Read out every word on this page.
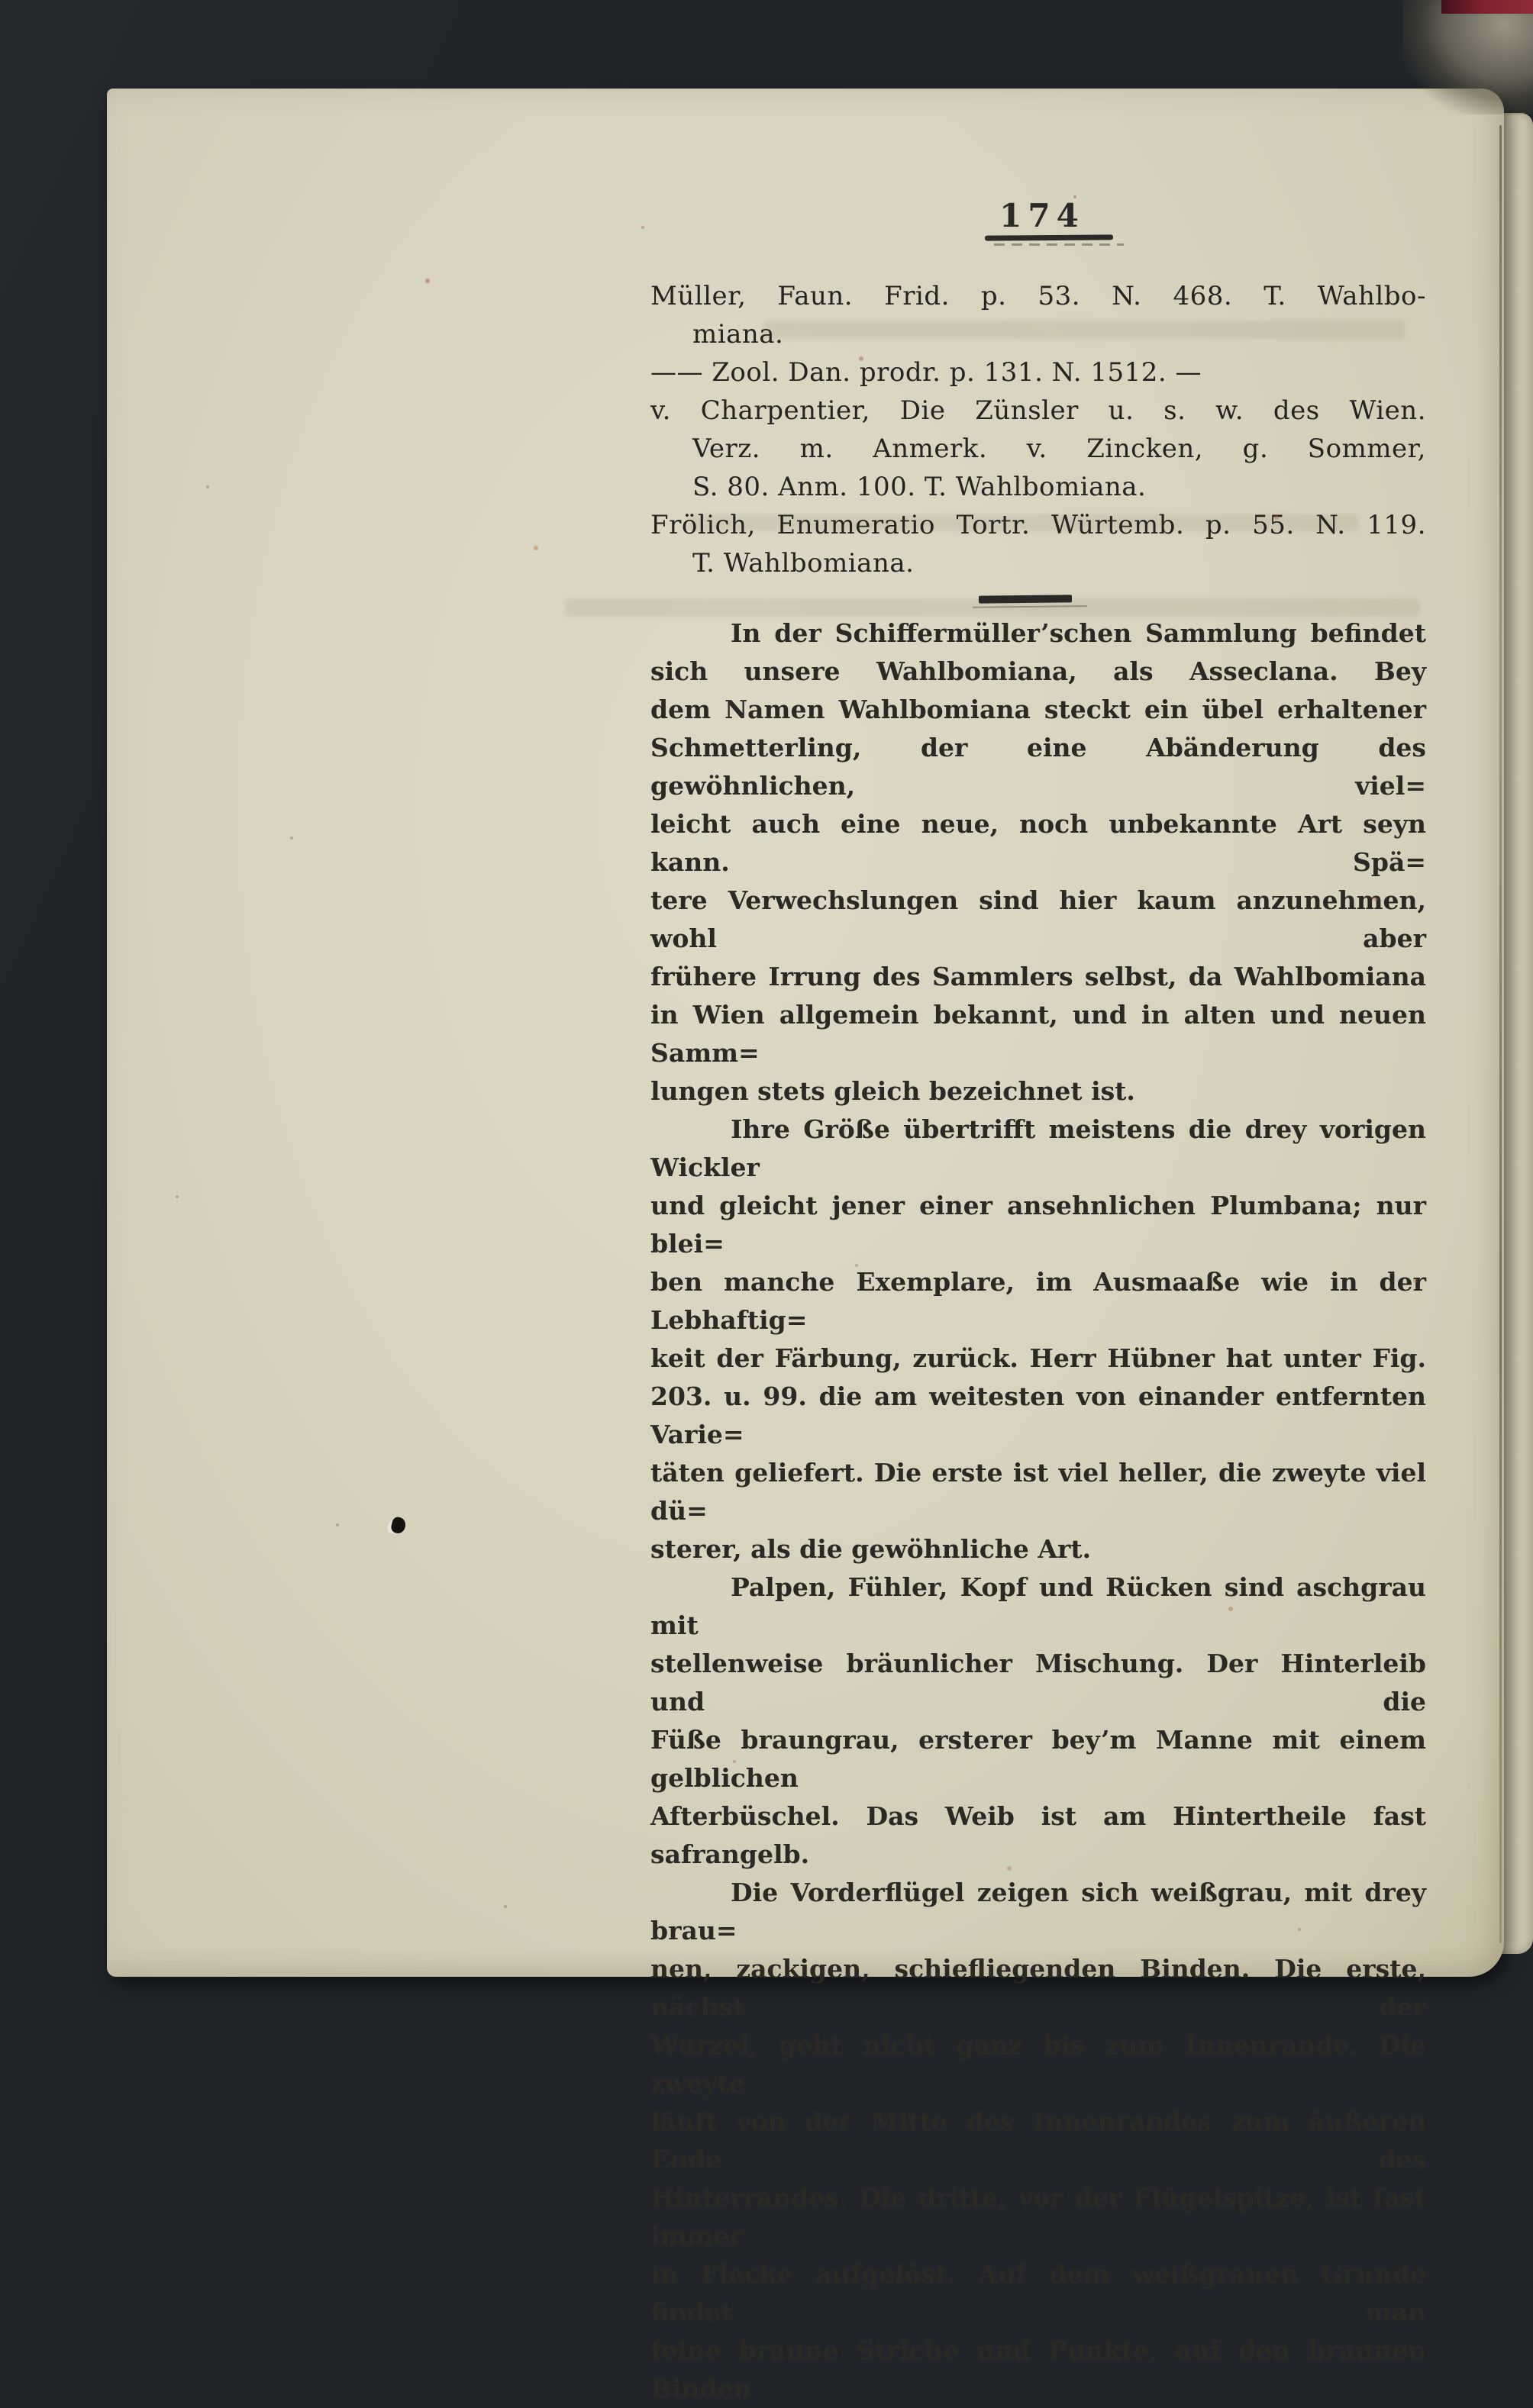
174
Müller, Faun. Frid. p. 53. N. 468. T. Wahlbo-
miana.
—— Zool. Dan. prodr. p. 131. N. 1512. —
v. Charpentier, Die Zünsler u. s. w. des Wien.
Verz. m. Anmerk. v. Zincken, g. Sommer,
S. 80. Anm. 100. T. Wahlbomiana.
Frölich, Enumeratio Tortr. Würtemb. p. 55. N. 119.
T. Wahlbomiana.
In der Schiffermüller’schen Sammlung befindet
sich unsere Wahlbomiana, als Asseclana. Bey
dem Namen Wahlbomiana steckt ein übel erhaltener
Schmetterling, der eine Abänderung des gewöhnlichen, viel=
leicht auch eine neue, noch unbekannte Art seyn kann. Spä=
tere Verwechslungen sind hier kaum anzunehmen, wohl aber
frühere Irrung des Sammlers selbst, da Wahlbomiana
in Wien allgemein bekannt, und in alten und neuen Samm=
lungen stets gleich bezeichnet ist.
Ihre Größe übertrifft meistens die drey vorigen Wickler
und gleicht jener einer ansehnlichen Plumbana; nur blei=
ben manche Exemplare, im Ausmaaße wie in der Lebhaftig=
keit der Färbung, zurück. Herr Hübner hat unter Fig.
203. u. 99. die am weitesten von einander entfernten Varie=
täten geliefert. Die erste ist viel heller, die zweyte viel dü=
sterer, als die gewöhnliche Art.
Palpen, Fühler, Kopf und Rücken sind aschgrau mit
stellenweise bräunlicher Mischung. Der Hinterleib und die
Füße braungrau, ersterer bey’m Manne mit einem gelblichen
Afterbüschel. Das Weib ist am Hintertheile fast safrangelb.
Die Vorderflügel zeigen sich weißgrau, mit drey brau=
nen, zackigen, schiefliegenden Binden. Die erste, nächst der
Wurzel, geht nicht ganz bis zum Innenrande. Die zweyte
läuft von der Mitte des Innenrandes zum äußeren Ende des
Hinterrandes. Die dritte, vor der Flügelspitze, ist fast immer
in Flecke aufgelöst. Auf dem weißgrauen Grunde findet man
feine braune Striche und Punkte, auf den braunen Binden
